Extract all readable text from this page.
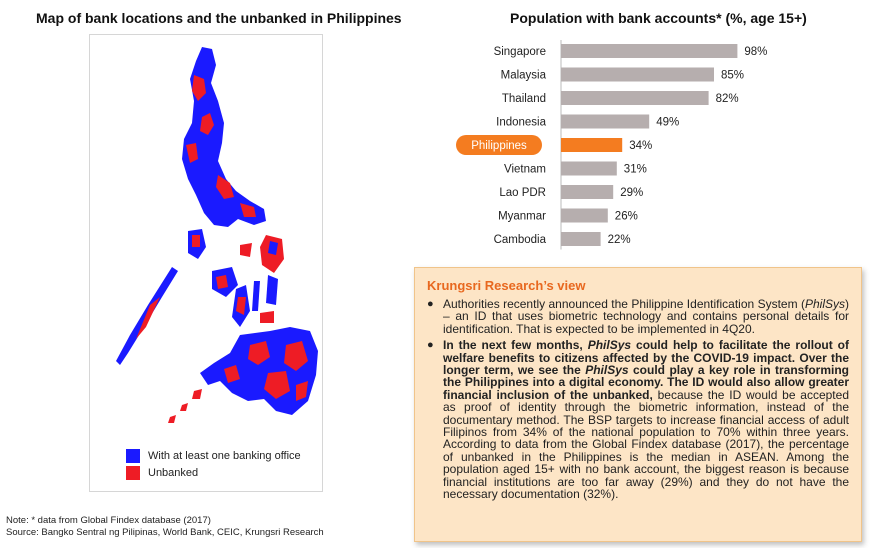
Map of bank locations and the unbanked in Philippines	Population with bank accounts* (%, age 15+)
With at least one banking office
Unbanked
Singapore	98%
Malaysia	85%
Thailand	82%
Indonesia	49%
Philippines	34%
Vietnam	31%
Lao PDR	29%
Myanmar	26%
Cambodia	22%
Note: * data from Global Findex database (2017)
Source: Bangko Sentral ng Pilipinas, World Bank, CEIC, Krungsri Research
Krungsri Research’s view
● Authorities recently announced the Philippine Identification System (PhilSys) – an ID that uses biometric technology and contains personal details for identification. That is expected to be implemented in 4Q20.
● In the next few months, PhilSys could help to facilitate the rollout of welfare benefits to citizens affected by the COVID-19 impact. Over the longer term, we see the PhilSys could play a key role in transforming the Philippines into a digital economy. The ID would also allow greater financial inclusion of the unbanked, because the ID would be accepted as proof of identity through the biometric information, instead of the documentary method. The BSP targets to increase financial access of adult Filipinos from 34% of the national population to 70% within three years. According to data from the Global Findex database (2017), the percentage of unbanked in the Philippines is the median in ASEAN. Among the population aged 15+ with no bank account, the biggest reason is because financial institutions are too far away (29%) and they do not have the necessary documentation (32%).
